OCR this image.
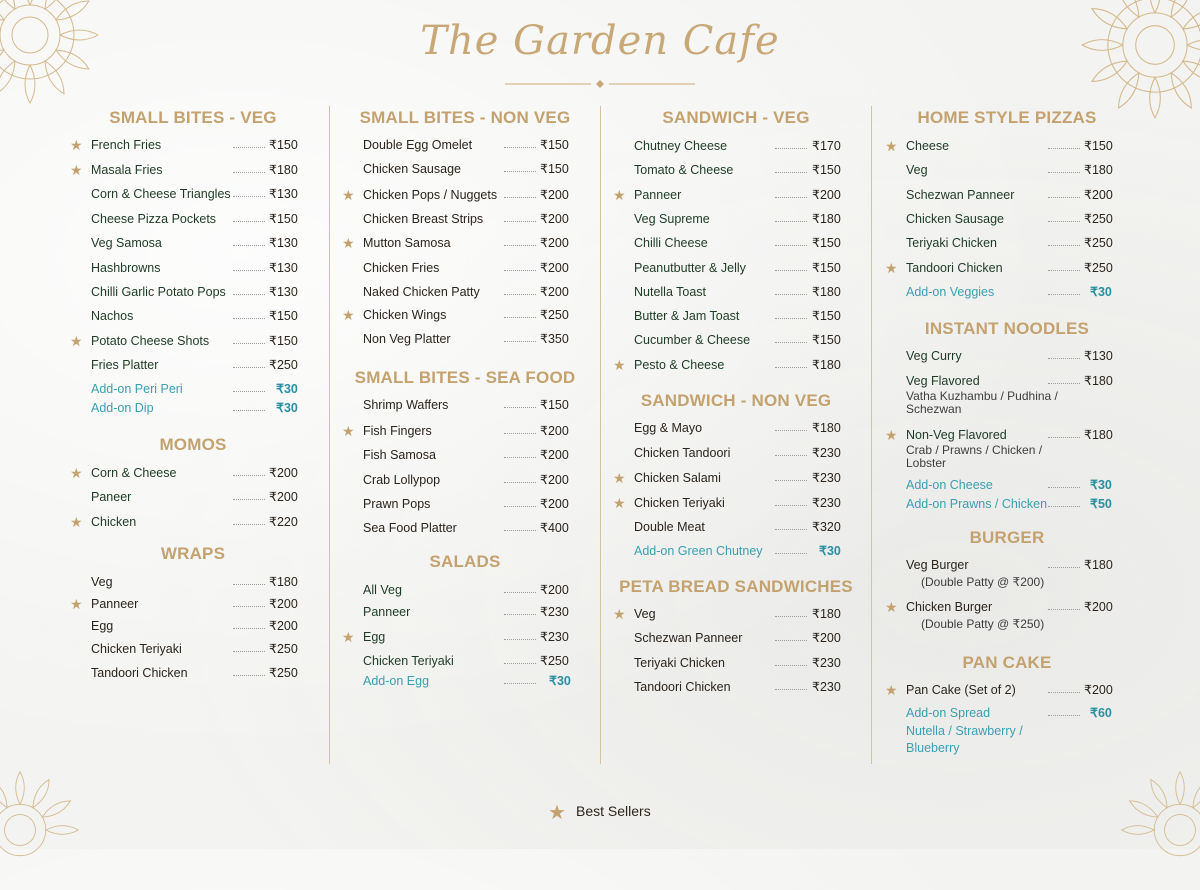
The Garden Cafe
SMALL BITES - VEG
★ French Fries	₹150
★ Masala Fries	₹180
Corn & Cheese Triangles	₹130
Cheese Pizza Pockets	₹150
Veg Samosa	₹130
Hashbrowns	₹130
Chilli Garlic Potato Pops	₹130
Nachos	₹150
★ Potato Cheese Shots	₹150
Fries Platter	₹250
Add-on Peri Peri	₹30
Add-on Dip	₹30
MOMOS
★ Corn & Cheese	₹200
Paneer	₹200
★ Chicken	₹220
WRAPS
Veg	₹180
★ Panneer	₹200
Egg	₹200
Chicken Teriyaki	₹250
Tandoori Chicken	₹250
SMALL BITES - NON VEG
Double Egg Omelet	₹150
Chicken Sausage	₹150
★ Chicken Pops / Nuggets	₹200
Chicken Breast Strips	₹200
★ Mutton Samosa	₹200
Chicken Fries	₹200
Naked Chicken Patty	₹200
★ Chicken Wings	₹250
Non Veg Platter	₹350
SMALL BITES - SEA FOOD
Shrimp Waffers	₹150
★ Fish Fingers	₹200
Fish Samosa	₹200
Crab Lollypop	₹200
Prawn Pops	₹200
Sea Food Platter	₹400
SALADS
All Veg	₹200
Panneer	₹230
★ Egg	₹230
Chicken Teriyaki	₹250
Add-on Egg	₹30
SANDWICH - VEG
Chutney Cheese	₹170
Tomato & Cheese	₹150
★ Panneer	₹200
Veg Supreme	₹180
Chilli Cheese	₹150
Peanutbutter & Jelly	₹150
Nutella Toast	₹180
Butter & Jam Toast	₹150
Cucumber & Cheese	₹150
★ Pesto & Cheese	₹180
SANDWICH - NON VEG
Egg & Mayo	₹180
Chicken Tandoori	₹230
★ Chicken Salami	₹230
★ Chicken Teriyaki	₹230
Double Meat	₹320
Add-on Green Chutney	₹30
PETA BREAD SANDWICHES
★ Veg	₹180
Schezwan Panneer	₹200
Teriyaki Chicken	₹230
Tandoori Chicken	₹230
HOME STYLE PIZZAS
★ Cheese	₹150
Veg	₹180
Schezwan Panneer	₹200
Chicken Sausage	₹250
Teriyaki Chicken	₹250
★ Tandoori Chicken	₹250
Add-on Veggies	₹30
INSTANT NOODLES
Veg Curry	₹130
Veg Flavored	₹180
Vatha Kuzhambu / Pudhina / Schezwan
★ Non-Veg Flavored	₹180
Crab / Prawns / Chicken / Lobster
Add-on Cheese	₹30
Add-on Prawns / Chicken	₹50
BURGER
Veg Burger	₹180
(Double Patty @ ₹200)
★ Chicken Burger	₹200
(Double Patty @ ₹250)
PAN CAKE
★ Pan Cake (Set of 2)	₹200
Add-on Spread	₹60
Nutella / Strawberry / Blueberry
★ Best Sellers
